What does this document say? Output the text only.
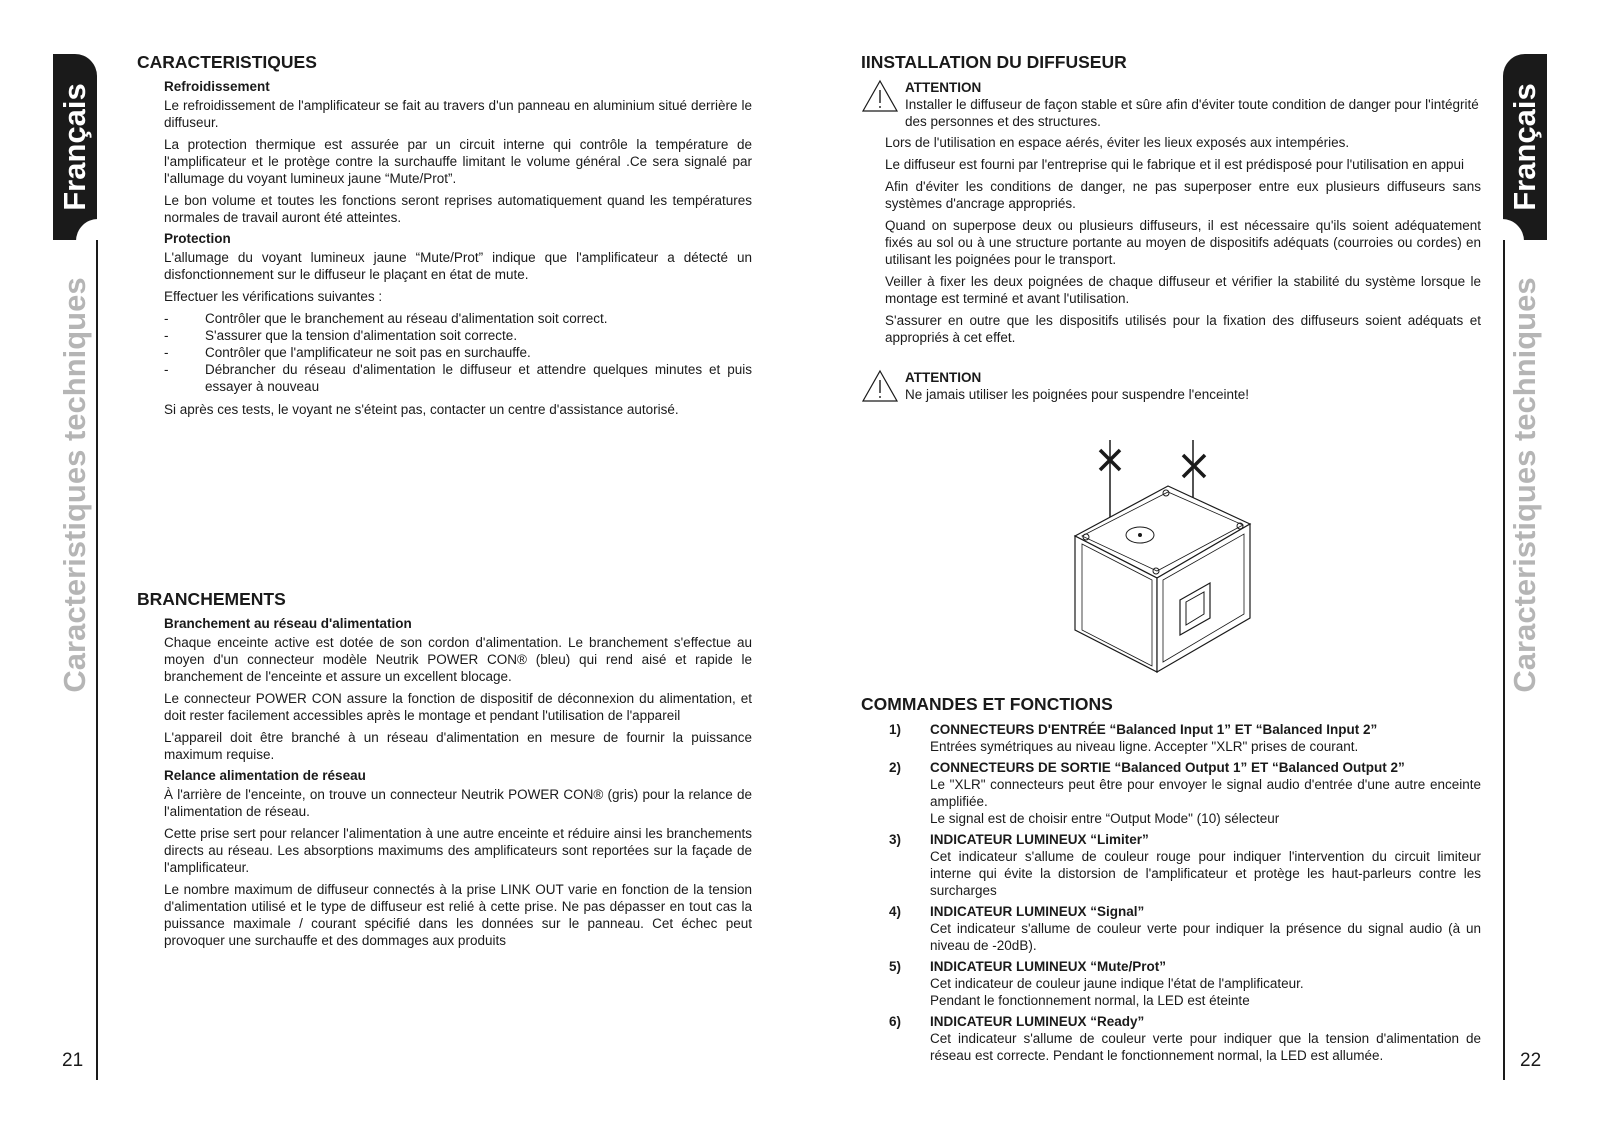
Français
Caracteristiques techniques
21
Français
Caracteristiques techniques
22
CARACTERISTIQUES
Refroidissement

Le refroidissement de l'amplificateur se fait au travers d'un panneau en aluminium situé derrière le diffuseur.

La protection thermique est assurée par un circuit interne qui contrôle la température de l'amplificateur et le protège contre la surchauffe limitant le volume général .Ce sera signalé par l'allumage du voyant lumineux jaune “Mute/Prot”.

Le bon volume et toutes les fonctions seront reprises automatiquement quand les températures normales de travail auront été atteintes.

Protection

L'allumage du voyant lumineux jaune “Mute/Prot” indique que l'amplificateur a détecté un disfonctionnement sur le diffuseur le plaçant en état de mute.

Effectuer les vérifications suivantes :

- Contrôler que le branchement au réseau d'alimentation soit correct.
- S'assurer que la tension d'alimentation soit correcte.
- Contrôler que l'amplificateur ne soit pas en surchauffe.
- Débrancher du réseau d'alimentation le diffuseur et attendre quelques minutes et puis essayer à nouveau

Si après ces tests, le voyant ne s'éteint pas, contacter un centre d'assistance autorisé.

BRANCHEMENTS
Branchement au réseau d'alimentation

Chaque enceinte active est dotée de son cordon d'alimentation. Le branchement s'effectue au moyen d'un connecteur modèle Neutrik POWER CON® (bleu) qui rend aisé et rapide le branchement de l'enceinte et assure un excellent blocage.

Le connecteur POWER CON assure la fonction de dispositif de déconnexion du alimentation, et doit rester facilement accessibles après le montage et pendant l'utilisation de l'appareil

L'appareil doit être branché à un réseau d'alimentation en mesure de fournir la puissance maximum requise.

Relance alimentation de réseau

À l'arrière de l'enceinte, on trouve un connecteur Neutrik POWER CON® (gris) pour la relance de l'alimentation de réseau.

Cette prise sert pour relancer l'alimentation à une autre enceinte et réduire ainsi les branchements directs au réseau. Les absorptions maximums des amplificateurs sont reportées sur la façade de l'amplificateur.

Le nombre maximum de diffuseur connectés à la prise LINK OUT varie en fonction de la tension d'alimentation utilisé et le type de diffuseur est relié à cette prise. Ne pas dépasser en tout cas la puissance maximale / courant spécifié dans les données sur le panneau. Cet échec peut provoquer une surchauffe et des dommages aux produits

IINSTALLATION DU DIFFUSEUR
ATTENTION
Installer le diffuseur de façon stable et sûre afin d'éviter toute condition de danger pour l'intégrité des personnes et des structures.

Lors de l'utilisation en espace aérés, éviter les lieux exposés aux intempéries.

Le diffuseur est fourni par l'entreprise qui le fabrique et il est prédisposé pour l'utilisation en appui

Afin d'éviter les conditions de danger, ne pas superposer entre eux plusieurs diffuseurs sans systèmes d'ancrage appropriés.

Quand on superpose deux ou plusieurs diffuseurs, il est nécessaire qu'ils soient adéquatement fixés au sol ou à une structure portante au moyen de dispositifs adéquats (courroies ou cordes) en utilisant les poignées pour le transport.

Veiller à fixer les deux poignées de chaque diffuseur et vérifier la stabilité du système lorsque le montage est terminé et avant l'utilisation.

S'assurer en outre que les dispositifs utilisés pour la fixation des diffuseurs soient adéquats et appropriés à cet effet.

ATTENTION
Ne jamais utiliser les poignées pour suspendre l'enceinte!
COMMANDES ET FONCTIONS
1)	CONNECTEURS D'ENTRÉE “Balanced Input 1” ET “Balanced Input 2”
Entrées symétriques au niveau ligne. Accepter "XLR" prises de courant.
2)	CONNECTEURS DE SORTIE “Balanced Output 1” ET “Balanced Output 2”
Le "XLR" connecteurs peut être pour envoyer le signal audio d'entrée d'une autre enceinte amplifiée.
Le signal est de choisir entre “Output Mode" (10) sélecteur
3)	INDICATEUR LUMINEUX “Limiter”
Cet indicateur s'allume de couleur rouge pour indiquer l'intervention du circuit limiteur interne qui évite la distorsion de l'amplificateur et protège les haut-parleurs contre les surcharges
4)	INDICATEUR LUMINEUX “Signal”
Cet indicateur s'allume de couleur verte pour indiquer la présence du signal audio (à un niveau de -20dB).
5)	INDICATEUR LUMINEUX “Mute/Prot”
Cet indicateur de couleur jaune indique l'état de l'amplificateur.
Pendant le fonctionnement normal, la LED est éteinte
6)	INDICATEUR LUMINEUX “Ready”
Cet indicateur s'allume de couleur verte pour indiquer que la tension d'alimentation de réseau est correcte. Pendant le fonctionnement normal, la LED est allumée.
